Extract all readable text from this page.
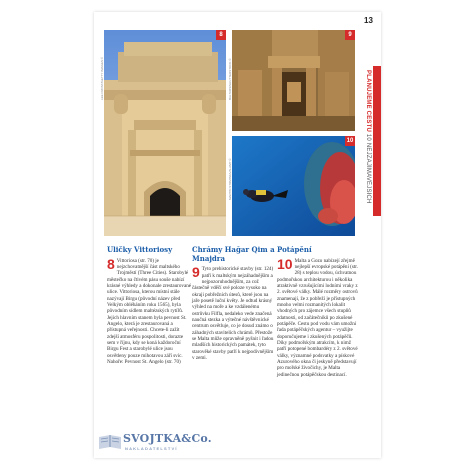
13
PLÁNUJEME CESTU 10 NEJZAJÍMAVĚJŠÍCH
8
LEE FROST/GETTY IMAGES ©
9
BALTARS/SHUTTERSTOCK ©
10
MARTIN STRMISKA/ALAMY ©
Uličky Vittoriosy
8 Vittoriosa (str. 70) je nejzchovatnější část maltského Trojměstí (Three Cities). Starobylé městečko na čtivém pásu souše nabízí krásné výhledy a dokonale zrestaurované ulice. Vittoriosa, kterou místní stále nazývají Birgu (původní název před Velkým obléháním roku 1565), byla původním sídlem maltézských rytířů. Jejich hlavním stanem byla pevnost St. Angelo, která je zrestaurovaná a přístupná veřejnosti. Chcete-li zažít zdejší atmosféru pospolitosti, dorazte sem v říjnu, kdy se koná každoroční Birgu Fest a starobylé ulice jsou osvětleny pouze mihotavou září svíc. Nahoře: Pevnost St. Angelo (str. 70)

Chrámy Hağar Qim a Mnajdra
9 Tyto prehistorické stavby (str. 124) patří k maltským nejzáhadnějším a nejpozoruhodnějším, za což částečně vděčí své poloze vysoko na okraji pobřežních útesů, které jsou na jaře posetě luční květy. Je odtud krásný výhled na moře a ke vzdálenému ostrůvku Filfla, nedaleko vede značená naučná stezka a výtečné návštěvnické centrum osvětluje, co je dosud známo o záhadných stavitelích chrámů. Přestože se Malta může opravněně pyšnit i řadou mladších historických památek, tyto starověké stavby patří k nejpodivnějším v zemi.

Potápění
10 Malta a Gozo nabízejí zřejmě nejlepší evropské potápění (str. 28) s teplou vodou, úchvatnou podmořskou architekturou i několika atraktivně vzrušujícími lodními vraky z 2. světové války. Málé rozměry ostrovů znamenají, že z pobřeží je přístupných mnoho velmi rozmanitých lokalit vhodných pro zájemce všech stupňů zdatnosti, od začátečníků po zkušené potápěče. Cestu pod vodu vám umožní řada potápěčských agentur – využijte doporučujeme i zkušených potápěčů. Díky podmořským atrakcím, k nimž patří potopené bombardéry z 2. světové války, významné podsvatky a pískové Azurového okna či jeskyně představují pro mořské živočichy, je Malta jedinečnou potápěčskou destinací.

SVOJTKA&Co.
NAKLADATELSTVÍ
